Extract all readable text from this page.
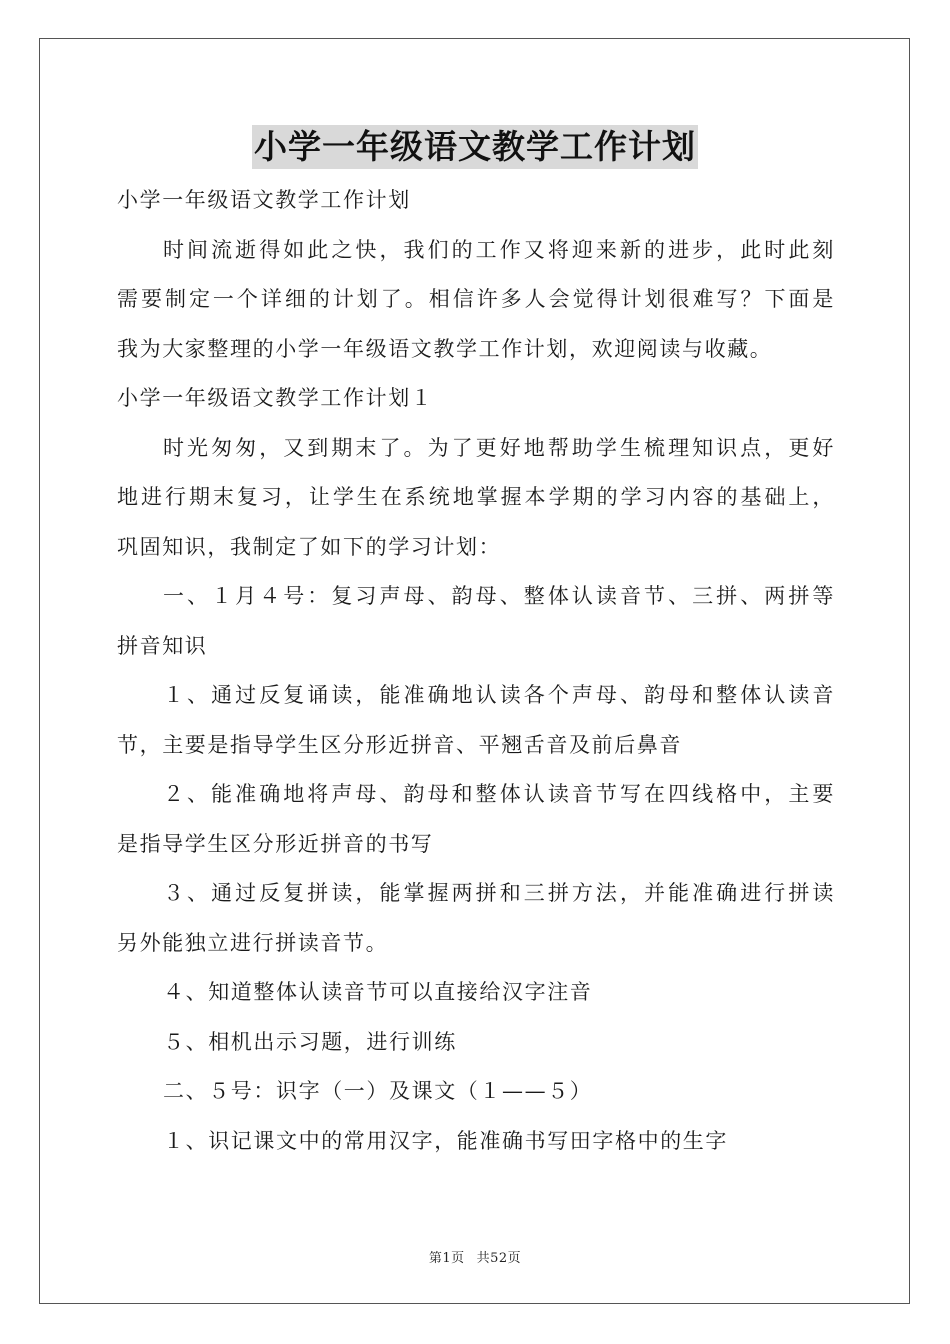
小学一年级语文教学工作计划
小学一年级语文教学工作计划
时间流逝得如此之快，我们的工作又将迎来新的进步，此时此刻
需要制定一个详细的计划了。相信许多人会觉得计划很难写？下面是
我为大家整理的小学一年级语文教学工作计划，欢迎阅读与收藏。
小学一年级语文教学工作计划１
时光匆匆，又到期末了。为了更好地帮助学生梳理知识点，更好
地进行期末复习，让学生在系统地掌握本学期的学习内容的基础上，
巩固知识，我制定了如下的学习计划：
一、１月４号：复习声母、韵母、整体认读音节、三拼、两拼等
拼音知识
１、通过反复诵读，能准确地认读各个声母、韵母和整体认读音
节，主要是指导学生区分形近拼音、平翘舌音及前后鼻音
２、能准确地将声母、韵母和整体认读音节写在四线格中，主要
是指导学生区分形近拼音的书写
３、通过反复拼读，能掌握两拼和三拼方法，并能准确进行拼读
另外能独立进行拼读音节。
４、知道整体认读音节可以直接给汉字注音
５、相机出示习题，进行训练
二、５号：识字（一）及课文（１——５）
１、识记课文中的常用汉字，能准确书写田字格中的生字
第1页 共52页
